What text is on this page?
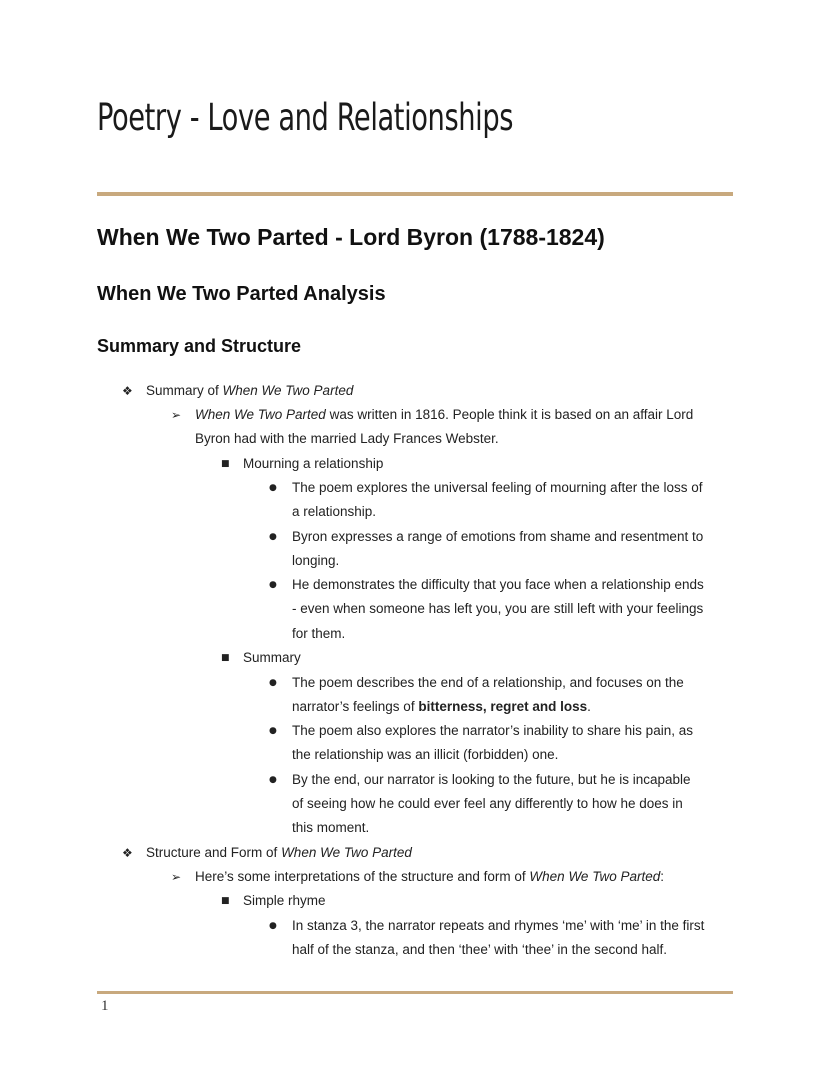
Poetry - Love and Relationships
When We Two Parted - Lord Byron (1788-1824)
When We Two Parted Analysis
Summary and Structure
❖ Summary of When We Two Parted
➢ When We Two Parted was written in 1816. People think it is based on an affair Lord
Byron had with the married Lady Frances Webster.
■ Mourning a relationship
● The poem explores the universal feeling of mourning after the loss of
a relationship.
● Byron expresses a range of emotions from shame and resentment to
longing.
● He demonstrates the difficulty that you face when a relationship ends
- even when someone has left you, you are still left with your feelings
for them.
■ Summary
● The poem describes the end of a relationship, and focuses on the
narrator’s feelings of bitterness, regret and loss.
● The poem also explores the narrator’s inability to share his pain, as
the relationship was an illicit (forbidden) one.
● By the end, our narrator is looking to the future, but he is incapable
of seeing how he could ever feel any differently to how he does in
this moment.
❖ Structure and Form of When We Two Parted
➢ Here’s some interpretations of the structure and form of When We Two Parted:
■ Simple rhyme
● In stanza 3, the narrator repeats and rhymes ‘me’ with ‘me’ in the first
half of the stanza, and then ‘thee’ with ‘thee’ in the second half.
1
